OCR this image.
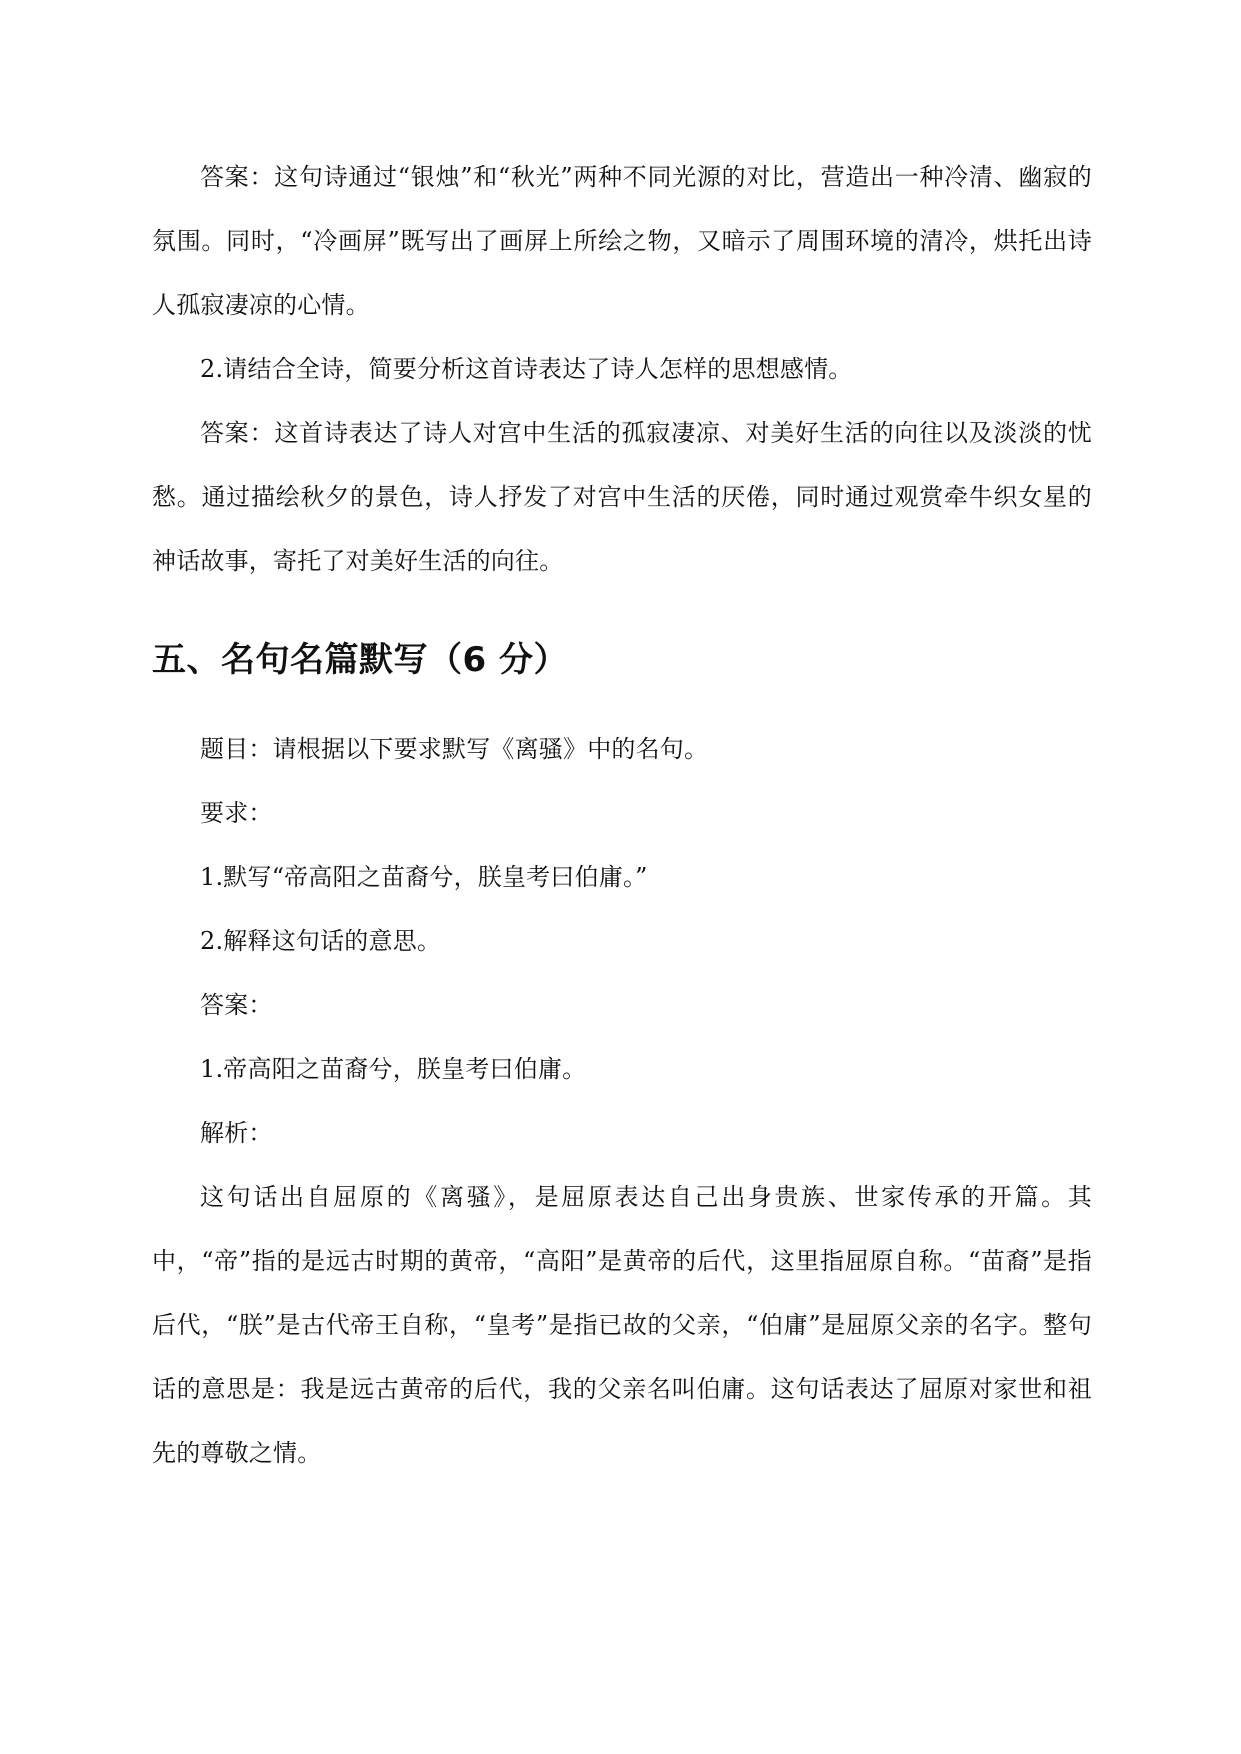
答案：这句诗通过“银烛”和“秋光”两种不同光源的对比，营造出一种冷清、幽寂的氛围。同时，“冷画屏”既写出了画屏上所绘之物，又暗示了周围环境的清冷，烘托出诗人孤寂凄凉的心情。

2.请结合全诗，简要分析这首诗表达了诗人怎样的思想感情。

答案：这首诗表达了诗人对宫中生活的孤寂凄凉、对美好生活的向往以及淡淡的忧愁。通过描绘秋夕的景色，诗人抒发了对宫中生活的厌倦，同时通过观赏牵牛织女星的神话故事，寄托了对美好生活的向往。

五、名句名篇默写（6 分）

题目：请根据以下要求默写《离骚》中的名句。

要求：

1.默写“帝高阳之苗裔兮，朕皇考曰伯庸。”

2.解释这句话的意思。

答案：

1.帝高阳之苗裔兮，朕皇考曰伯庸。

解析：

这句话出自屈原的《离骚》，是屈原表达自己出身贵族、世家传承的开篇。其中，“帝”指的是远古时期的黄帝，“高阳”是黄帝的后代，这里指屈原自称。“苗裔”是指后代，“朕”是古代帝王自称，“皇考”是指已故的父亲，“伯庸”是屈原父亲的名字。整句话的意思是：我是远古黄帝的后代，我的父亲名叫伯庸。这句话表达了屈原对家世和祖先的尊敬之情。
